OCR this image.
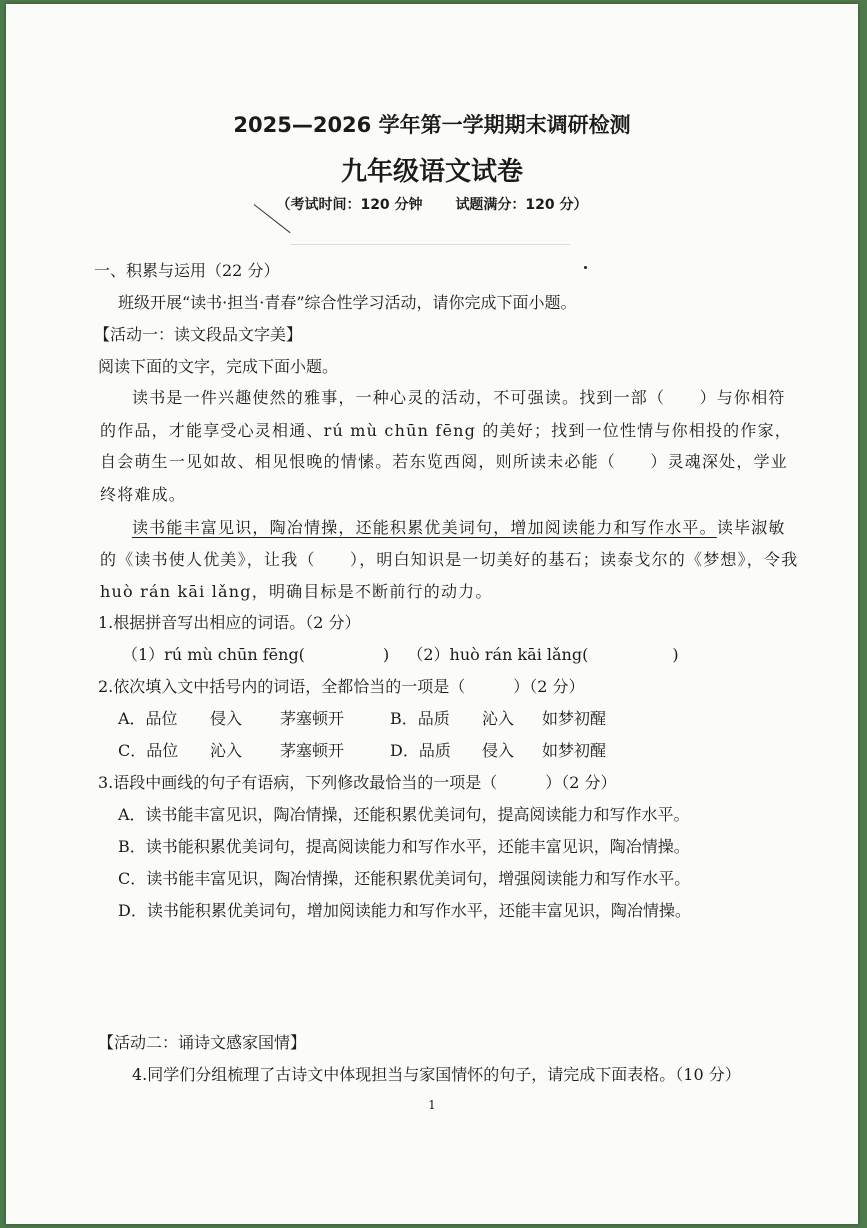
2025—2026 学年第一学期期末调研检测
九年级语文试卷
（考试时间：120 分钟 试题满分：120 分）
一、积累与运用（22 分）
班级开展“读书·担当·青春”综合性学习活动，请你完成下面小题。
【活动一：读文段品文字美】
阅读下面的文字，完成下面小题。
读书是一件兴趣使然的雅事，一种心灵的活动，不可强读。找到一部（　　）与你相符
的作品，才能享受心灵相通、rú mù chūn fēng 的美好；找到一位性情与你相投的作家，
自会萌生一见如故、相见恨晚的情愫。若东览西阅，则所读未必能（　　）灵魂深处，学业
终将难成。
读书能丰富见识，陶冶情操，还能积累优美词句，增加阅读能力和写作水平。读毕淑敏
的《读书使人优美》，让我（　　），明白知识是一切美好的基石；读泰戈尔的《梦想》，令我
huò rán kāi lǎng，明确目标是不断前行的动力。
1.根据拼音写出相应的词语。（2 分）
（1）rú mù chūn fēng(	) （2）huò rán kāi lǎng(	)
2.依次填入文中括号内的词语，全都恰当的一项是（　　　）（2 分）
A．品位 侵入 茅塞顿开	B．品质 沁入 如梦初醒
C．品位 沁入 茅塞顿开	D．品质 侵入 如梦初醒
3.语段中画线的句子有语病，下列修改最恰当的一项是（　　　）（2 分）
A．读书能丰富见识，陶冶情操，还能积累优美词句，提高阅读能力和写作水平。
B．读书能积累优美词句，提高阅读能力和写作水平，还能丰富见识，陶冶情操。
C．读书能丰富见识，陶冶情操，还能积累优美词句，增强阅读能力和写作水平。
D．读书能积累优美词句，增加阅读能力和写作水平，还能丰富见识，陶冶情操。
【活动二：诵诗文感家国情】
4.同学们分组梳理了古诗文中体现担当与家国情怀的句子，请完成下面表格。（10 分）
1
